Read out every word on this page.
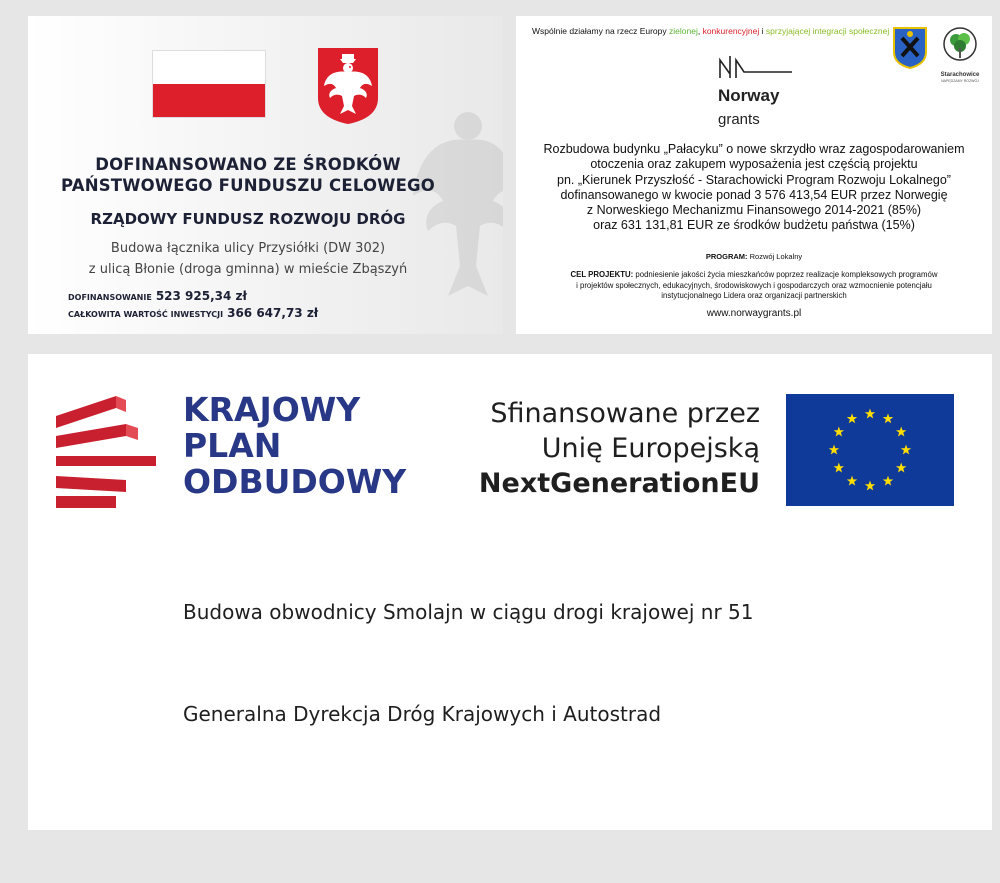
DOFINANSOWANO ZE ŚRODKÓW
PAŃSTWOWEGO FUNDUSZU CELOWEGO
RZĄDOWY FUNDUSZ ROZWOJU DRÓG
Budowa łącznika ulicy Przysiółki (DW 302)
z ulicą Błonie (droga gminna) w mieście Zbąszyń
DOFINANSOWANIE 523 925,34 zł
CAŁKOWITA WARTOŚĆ INWESTYCJI 366 647,73 zł
Wspólnie działamy na rzecz Europy zielonej, konkurencyjnej i sprzyjającej integracji społecznej
Starachowice
NAPĘDZAMY ROZWÓJ
Norway
grants
Rozbudowa budynku „Pałacyku” o nowe skrzydło wraz zagospodarowaniem
otoczenia oraz zakupem wyposażenia jest częścią projektu
pn. „Kierunek Przyszłość - Starachowicki Program Rozwoju Lokalnego”
dofinansowanego w kwocie ponad 3 576 413,54 EUR przez Norwegię
z Norweskiego Mechanizmu Finansowego 2014-2021 (85%)
oraz 631 131,81 EUR ze środków budżetu państwa (15%)
PROGRAM: Rozwój Lokalny
CEL PROJEKTU: podniesienie jakości życia mieszkańców poprzez realizacje kompleksowych programów
i projektów społecznych, edukacyjnych, środowiskowych i gospodarczych oraz wzmocnienie potencjału
instytucjonalnego Lidera oraz organizacji partnerskich
www.norwaygrants.pl
KRAJOWY
PLAN
ODBUDOWY
Sfinansowane przez
Unię Europejską
NextGenerationEU
Budowa obwodnicy Smolajn w ciągu drogi krajowej nr 51
Generalna Dyrekcja Dróg Krajowych i Autostrad
